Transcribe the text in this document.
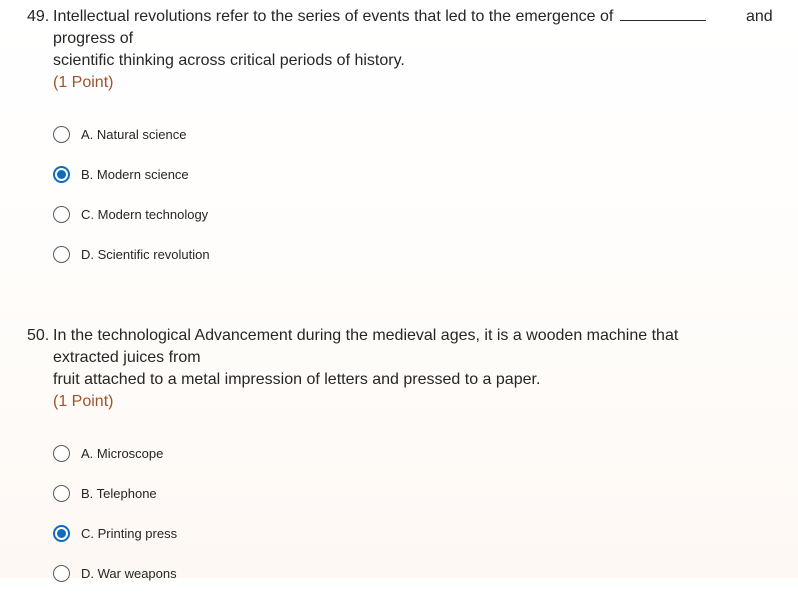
49. Intellectual revolutions refer to the series of events that led to the emergence of
progress of
scientific thinking across critical periods of history.
(1 Point)
and
A. Natural science
B. Modern science
C. Modern technology
D. Scientific revolution
50. In the technological Advancement during the medieval ages, it is a wooden machine that
extracted juices from
fruit attached to a metal impression of letters and pressed to a paper.
(1 Point)
A. Microscope
B. Telephone
C. Printing press
D. War weapons
